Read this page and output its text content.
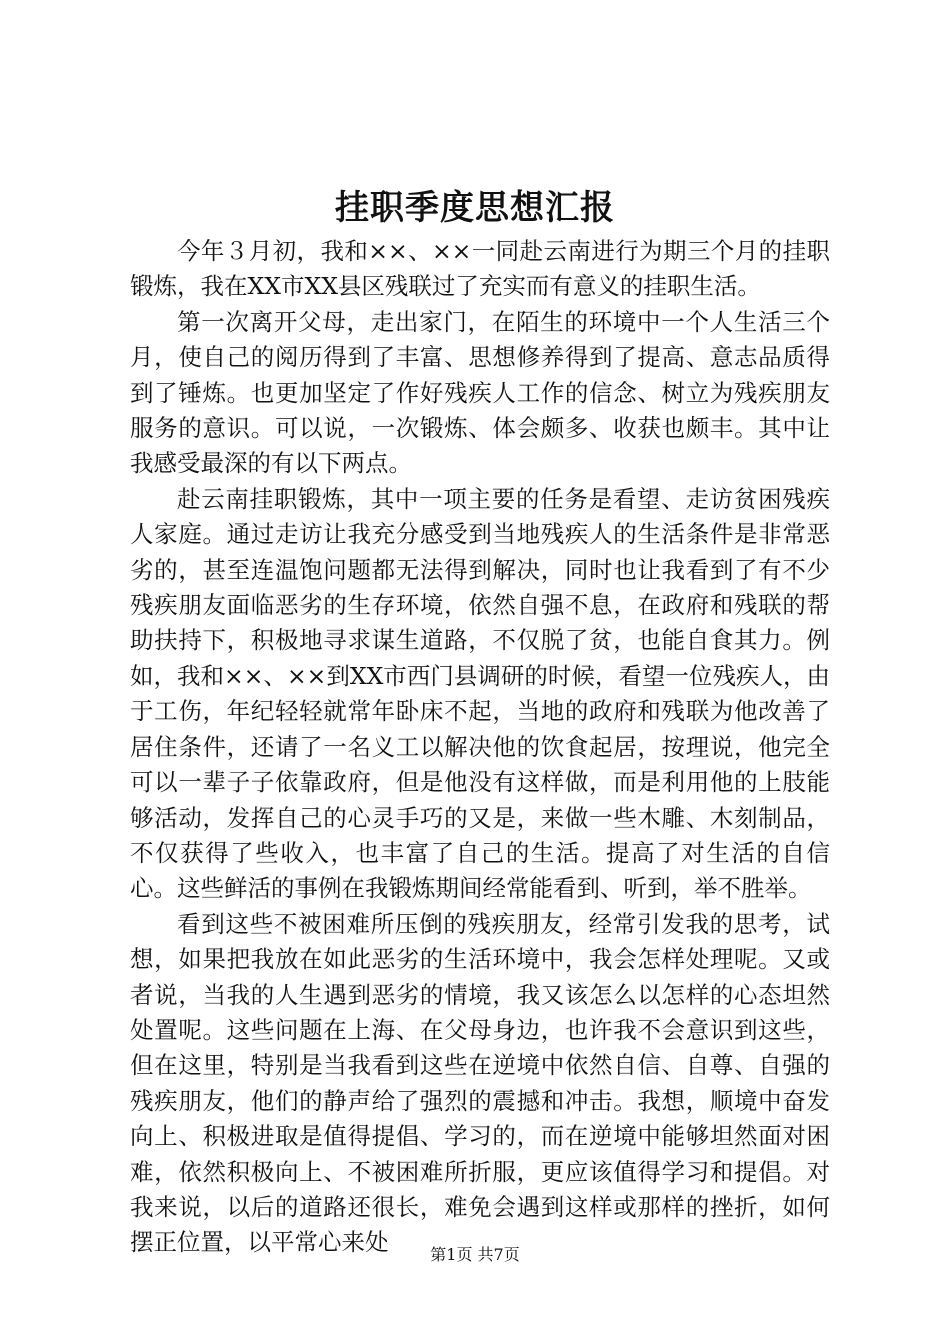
挂职季度思想汇报

今年３月初，我和××、××一同赴云南进行为期三个月的挂职锻炼，我在XX市XX县区残联过了充实而有意义的挂职生活。

第一次离开父母，走出家门，在陌生的环境中一个人生活三个月，使自己的阅历得到了丰富、思想修养得到了提高、意志品质得到了锤炼。也更加坚定了作好残疾人工作的信念、树立为残疾朋友服务的意识。可以说，一次锻炼、体会颇多、收获也颇丰。其中让我感受最深的有以下两点。

赴云南挂职锻炼，其中一项主要的任务是看望、走访贫困残疾人家庭。通过走访让我充分感受到当地残疾人的生活条件是非常恶劣的，甚至连温饱问题都无法得到解决，同时也让我看到了有不少残疾朋友面临恶劣的生存环境，依然自强不息，在政府和残联的帮助扶持下，积极地寻求谋生道路，不仅脱了贫，也能自食其力。例如，我和××、××到XX市西门县调研的时候，看望一位残疾人，由于工伤，年纪轻轻就常年卧床不起，当地的政府和残联为他改善了居住条件，还请了一名义工以解决他的饮食起居，按理说，他完全可以一辈子子依靠政府，但是他没有这样做，而是利用他的上肢能够活动，发挥自己的心灵手巧的又是，来做一些木雕、木刻制品，不仅获得了些收入，也丰富了自己的生活。提高了对生活的自信心。这些鲜活的事例在我锻炼期间经常能看到、听到，举不胜举。

看到这些不被困难所压倒的残疾朋友，经常引发我的思考，试想，如果把我放在如此恶劣的生活环境中，我会怎样处理呢。又或者说，当我的人生遇到恶劣的情境，我又该怎么以怎样的心态坦然处置呢。这些问题在上海、在父母身边，也许我不会意识到这些，但在这里，特别是当我看到这些在逆境中依然自信、自尊、自强的残疾朋友，他们的静声给了强烈的震撼和冲击。我想，顺境中奋发向上、积极进取是值得提倡、学习的，而在逆境中能够坦然面对困难，依然积极向上、不被困难所折服，更应该值得学习和提倡。对我来说，以后的道路还很长，难免会遇到这样或那样的挫折，如何摆正位置，以平常心来处	第1页 共7页
